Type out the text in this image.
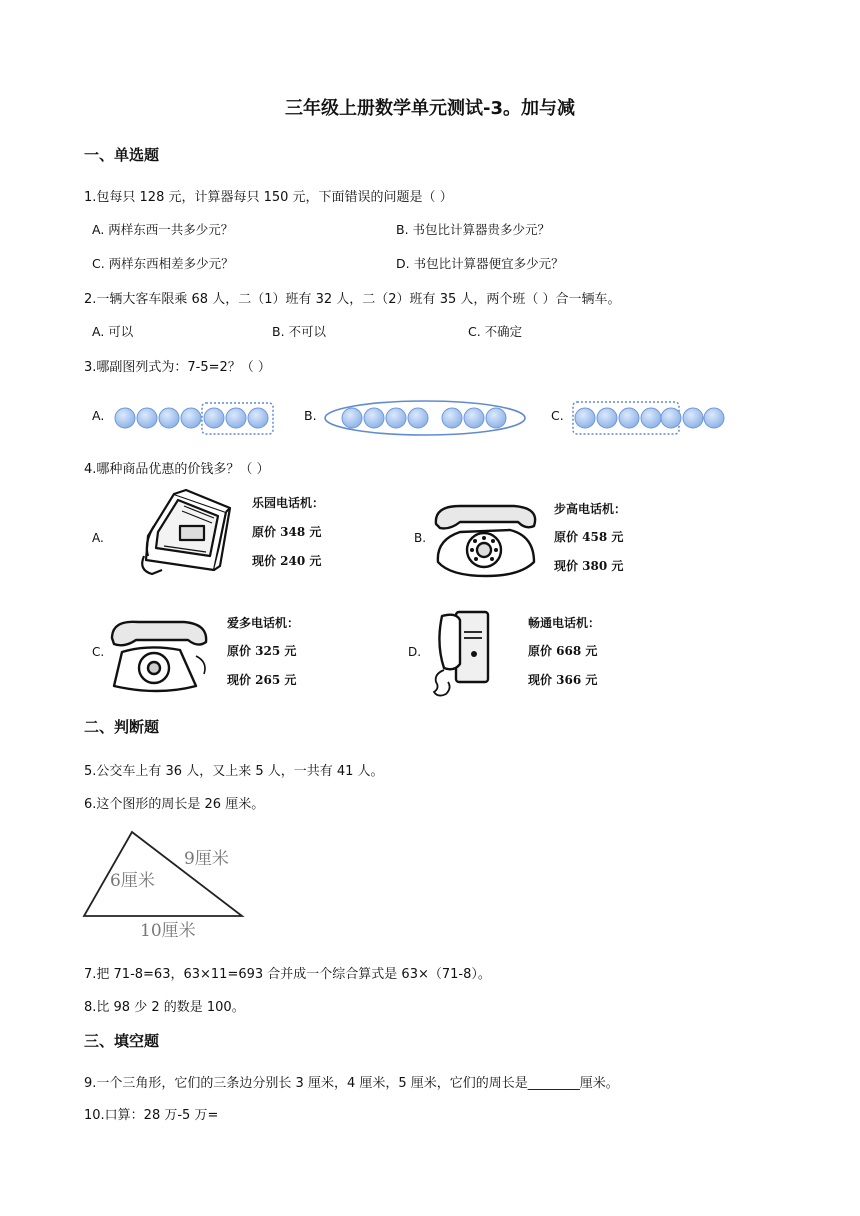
三年级上册数学单元测试-3。加与减
一、单选题
1.包每只 128 元，计算器每只 150 元，下面错误的问题是（ ）
A. 两样东西一共多少元？	B. 书包比计算器贵多少元？
C. 两样东西相差多少元？	D. 书包比计算器便宜多少元？
2.一辆大客车限乘 68 人，二（1）班有 32 人，二（2）班有 35 人，两个班（ ）合一辆车。
A. 可以	B. 不可以	C. 不确定
3.哪副图列式为：7-5=2？（ ）
A.	B.	C.
4.哪种商品优惠的价钱多？（ ）
A.
乐园电话机：
原价 348 元
现价 240 元
B.
步高电话机：
原价 458 元
现价 380 元
C.
爱多电话机：
原价 325 元
现价 265 元
D.
畅通电话机：
原价 668 元
现价 366 元
二、判断题
5.公交车上有 36 人，又上来 5 人，一共有 41 人。
6.这个图形的周长是 26 厘米。
9厘米
6厘米
10厘米
7.把 71-8=63，63×11=693 合并成一个综合算式是 63×（71-8）。
8.比 98 少 2 的数是 100。
三、填空题
9.一个三角形，它们的三条边分别长 3 厘米，4 厘米，5 厘米，它们的周长是________厘米。
10.口算：28 万-5 万=
